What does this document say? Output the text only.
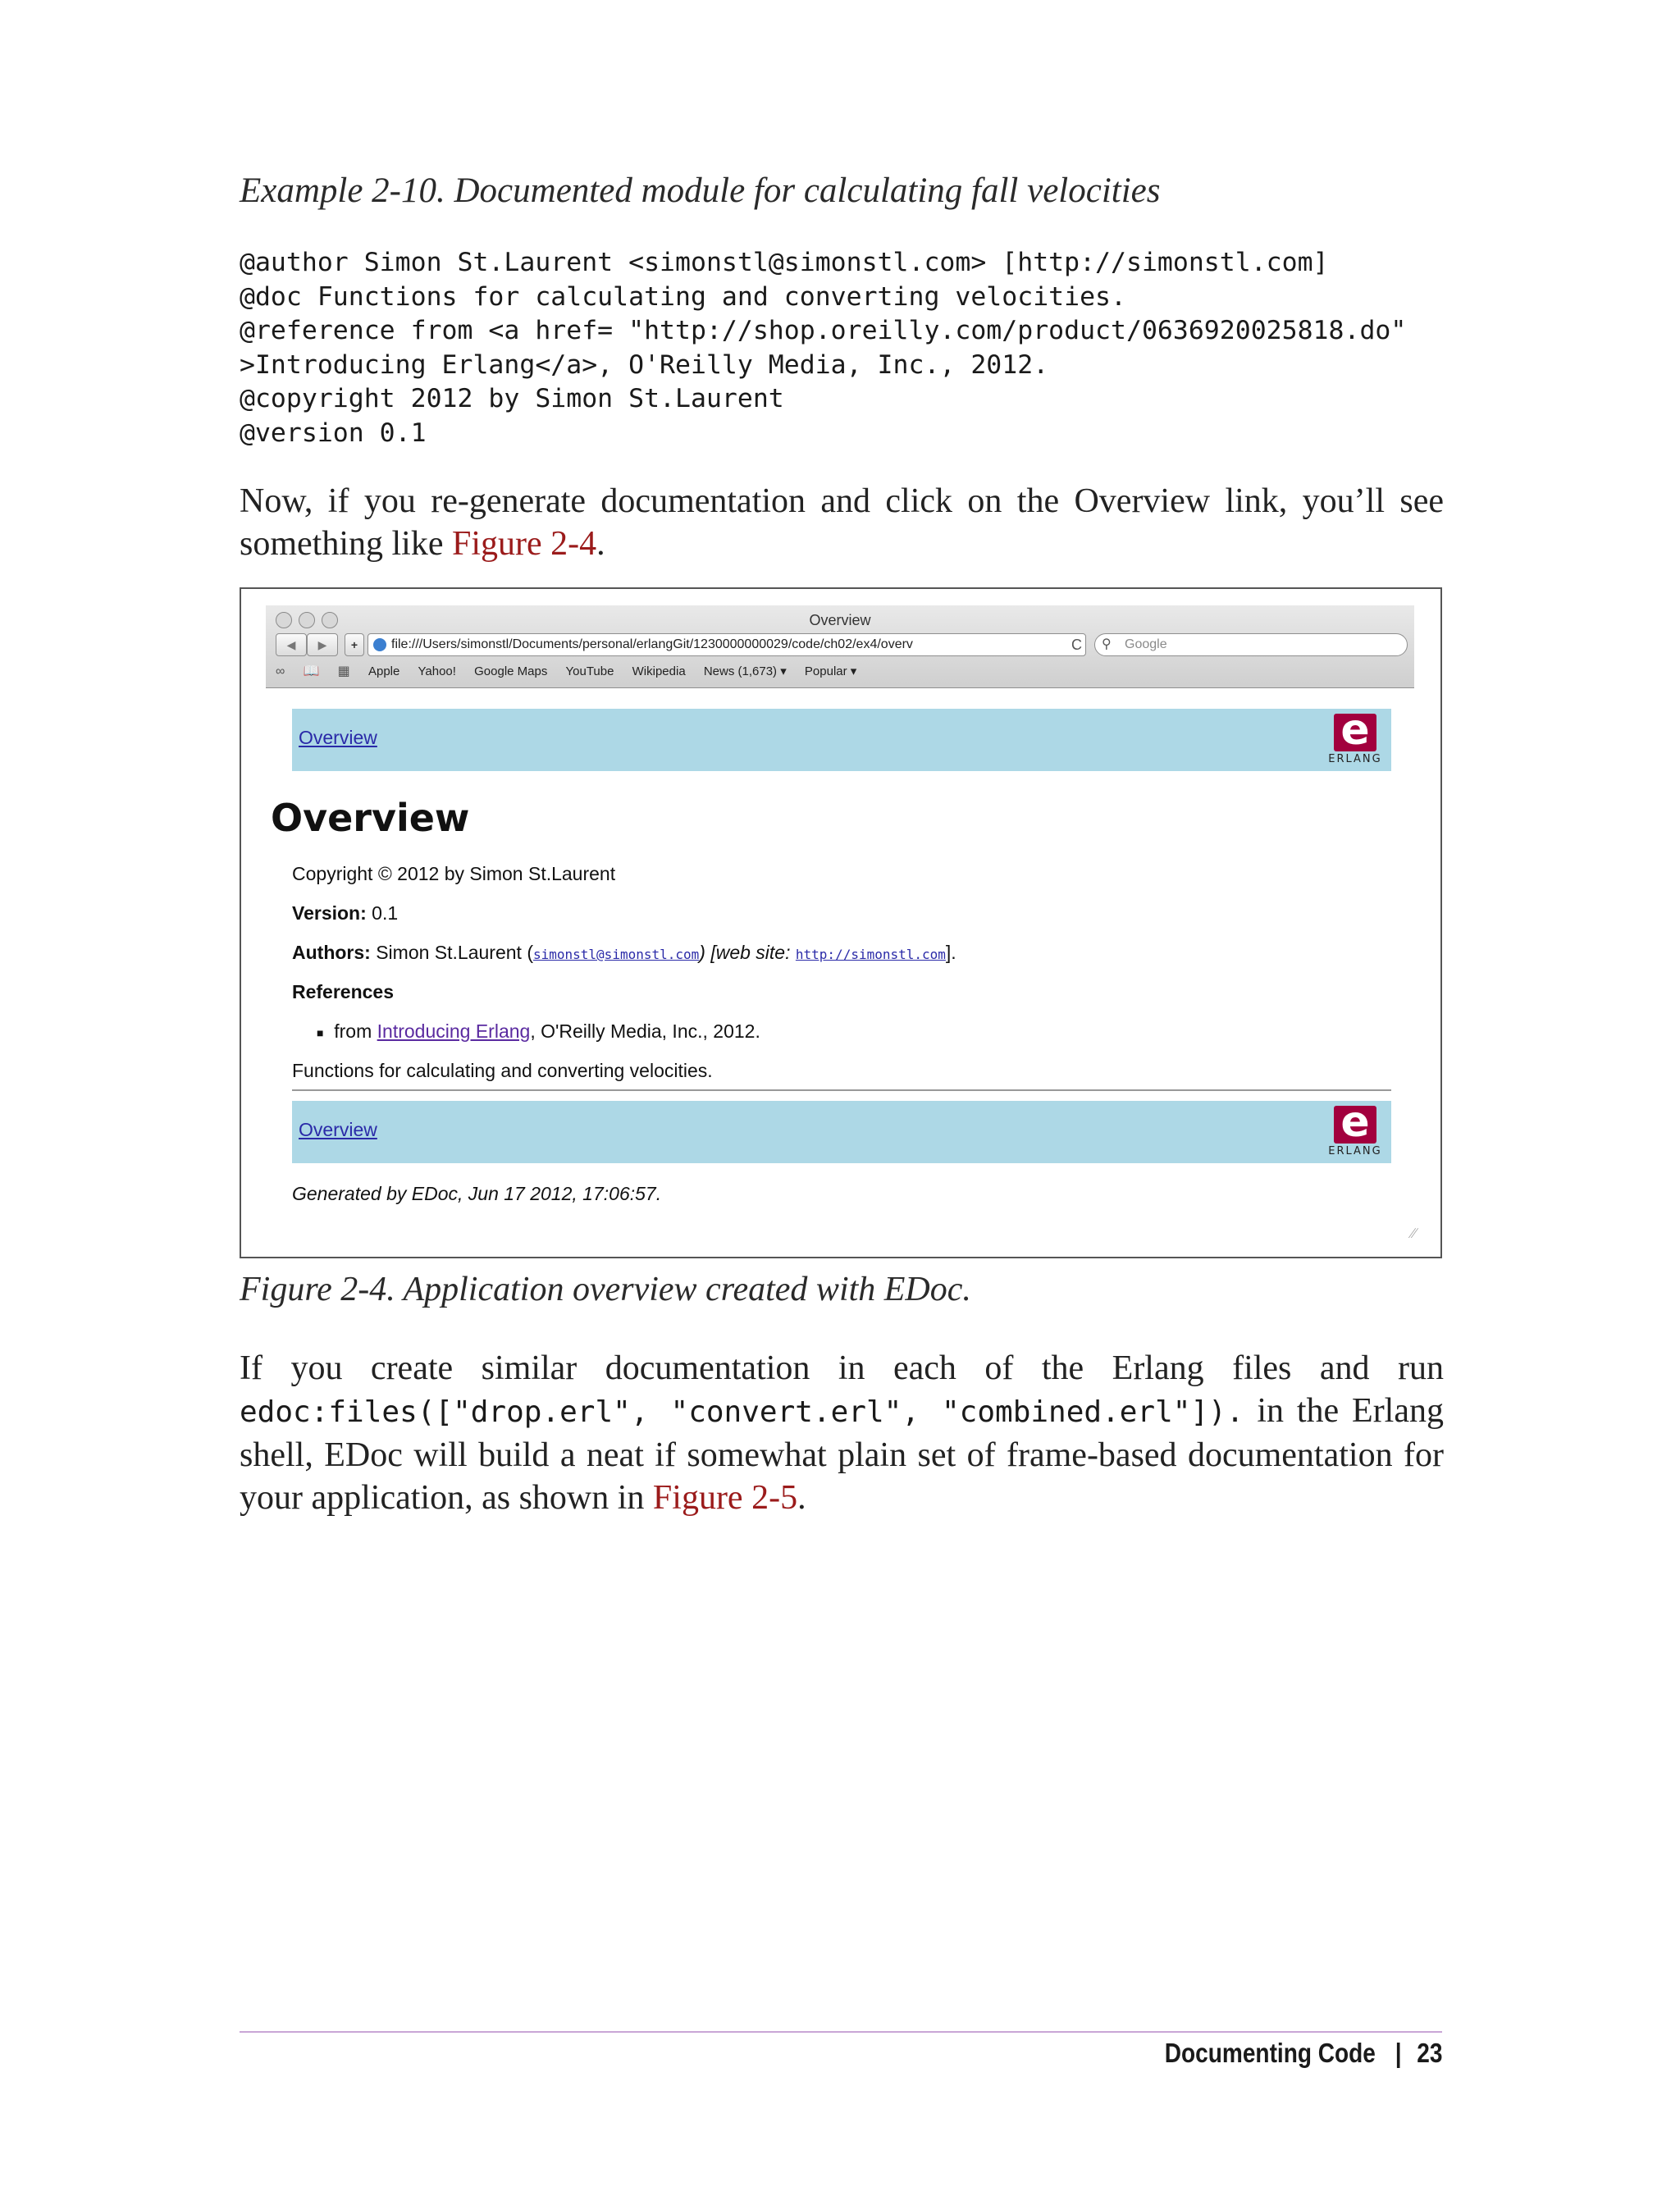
Example 2-10. Documented module for calculating fall velocities
@author Simon St.Laurent <simonstl@simonstl.com> [http://simonstl.com]
@doc Functions for calculating and converting velocities.
@reference from <a href= "http://shop.oreilly.com/product/0636920025818.do"
>Introducing Erlang</a>, O'Reilly Media, Inc., 2012.
@copyright 2012 by Simon St.Laurent
@version 0.1
Now, if you re-generate documentation and click on the Overview link, you’ll see something like Figure 2-4.
Overview
◀	▶	+	file:///Users/simonstl/Documents/personal/erlangGit/1230000000029/code/ch02/ex4/overv	C ⚲ Google
∞ 📖 ▦ Apple Yahoo! Google Maps YouTube Wikipedia News (1,673) ▾ Popular ▾
Overview	e
ERLANG
Overview
Copyright © 2012 by Simon St.Laurent
Version: 0.1
Authors: Simon St.Laurent (simonstl@simonstl.com) [web site: http://simonstl.com].
References
■ from Introducing Erlang, O'Reilly Media, Inc., 2012.
Functions for calculating and converting velocities.
Overview	e
ERLANG
Generated by EDoc, Jun 17 2012, 17:06:57.
∕∕
Figure 2-4. Application overview created with EDoc.
If you create similar documentation in each of the Erlang files and run edoc:files(["drop.erl", "convert.erl", "combined.erl"]). in the Erlang shell, EDoc will build a neat if somewhat plain set of frame-based documentation for your application, as shown in Figure 2-5.
Documenting Code | 23
